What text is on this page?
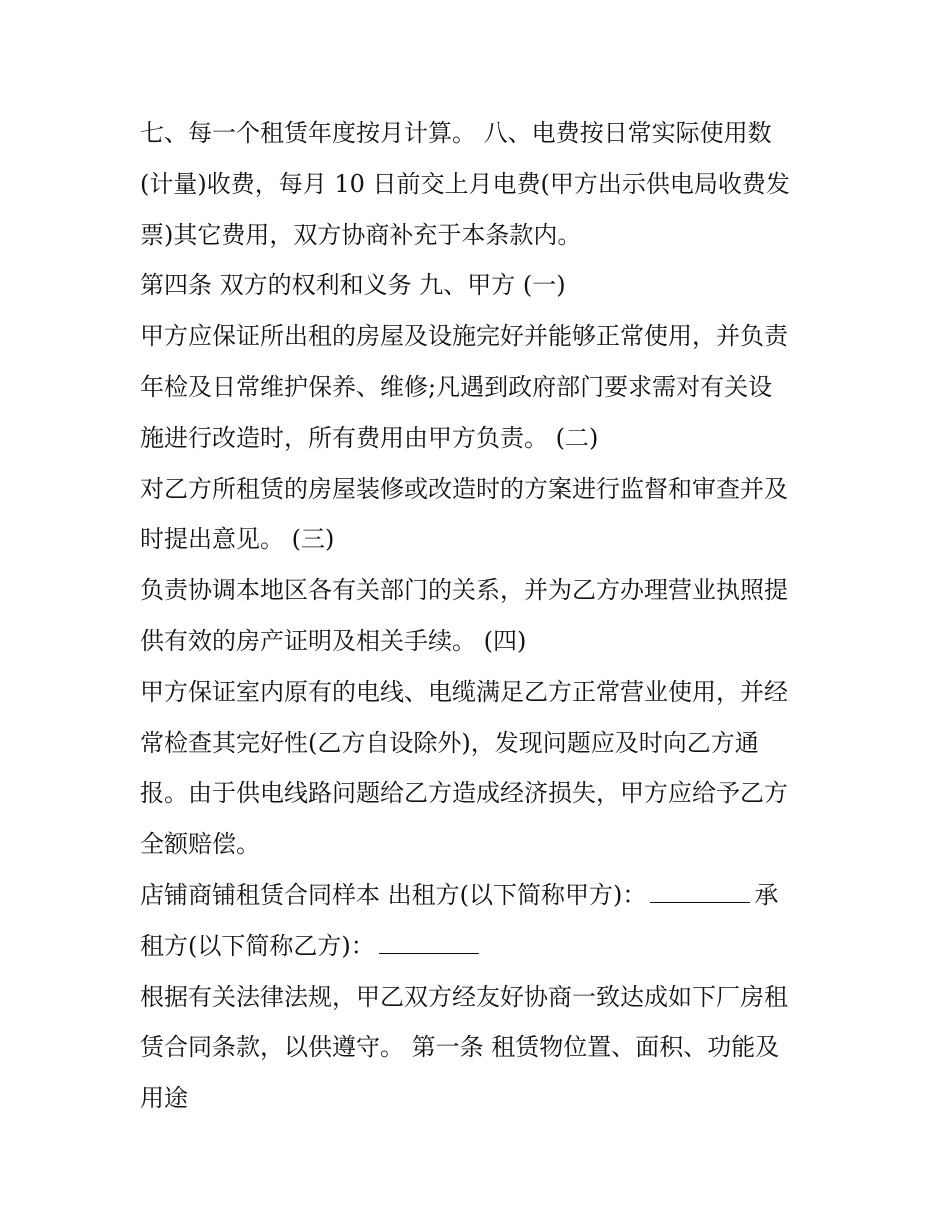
七、每一个租赁年度按月计算。 八、电费按日常实际使用数
(计量)收费，每月 10 日前交上月电费(甲方出示供电局收费发
票)其它费用，双方协商补充于本条款内。

第四条 双方的权利和义务 九、甲方 (一)

甲方应保证所出租的房屋及设施完好并能够正常使用，并负责
年检及日常维护保养、维修;凡遇到政府部门要求需对有关设
施进行改造时，所有费用由甲方负责。 (二)

对乙方所租赁的房屋装修或改造时的方案进行监督和审查并及
时提出意见。 (三)

负责协调本地区各有关部门的关系，并为乙方办理营业执照提
供有效的房产证明及相关手续。 (四)

甲方保证室内原有的电线、电缆满足乙方正常营业使用，并经
常检查其完好性(乙方自设除外)，发现问题应及时向乙方通
报。由于供电线路问题给乙方造成经济损失，甲方应给予乙方
全额赔偿。

店铺商铺租赁合同样本 出租方(以下简称甲方)：	承
租方(以下简称乙方)：

根据有关法律法规，甲乙双方经友好协商一致达成如下厂房租
赁合同条款，以供遵守。 第一条 租赁物位置、面积、功能及
用途
